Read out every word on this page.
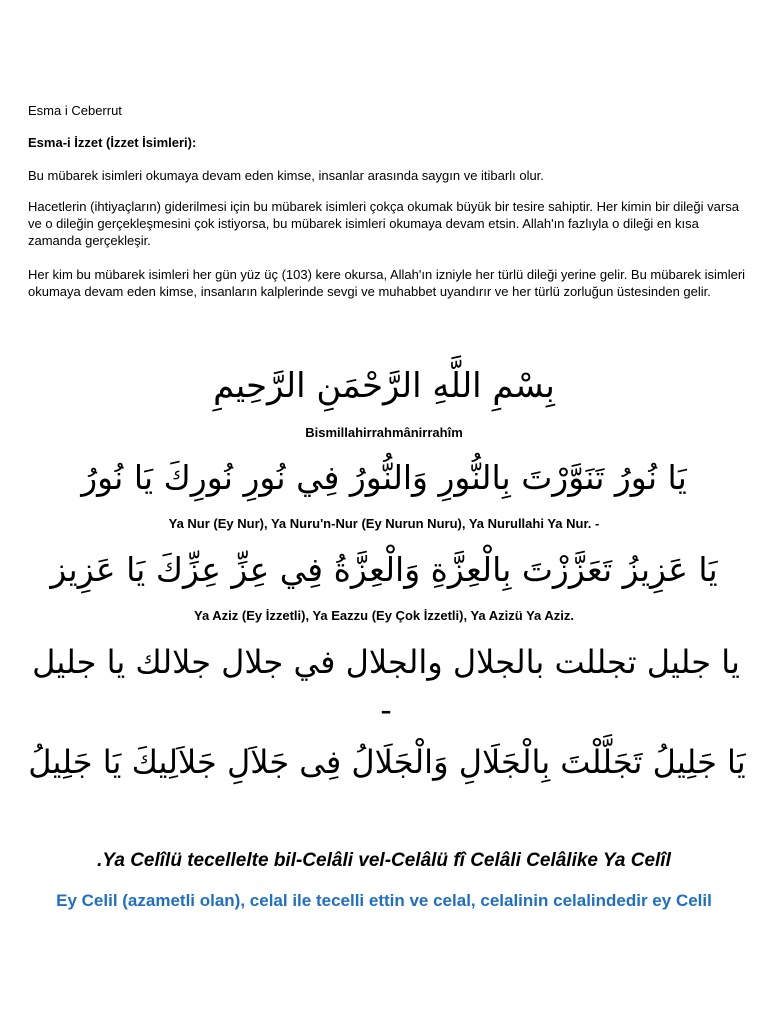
Esma i Ceberrut

Esma-i İzzet (İzzet İsimleri):

Bu mübarek isimleri okumaya devam eden kimse, insanlar arasında saygın ve itibarlı olur.

Hacetlerin (ihtiyaçların) giderilmesi için bu mübarek isimleri çokça okumak büyük bir tesire sahiptir. Her kimin bir dileği varsa ve o dileğin gerçekleşmesini çok istiyorsa, bu mübarek isimleri okumaya devam etsin. Allah'ın fazlıyla o dileği en kısa zamanda gerçekleşir.

Her kim bu mübarek isimleri her gün yüz üç (103) kere okursa, Allah'ın izniyle her türlü dileği yerine gelir. Bu mübarek isimleri okumaya devam eden kimse, insanların kalplerinde sevgi ve muhabbet uyandırır ve her türlü zorluğun üstesinden gelir.

بِسْمِ اللَّهِ الرَّحْمَنِ الرَّحِيمِ

Bismillahirrahmânirrahîm

يَا نُورُ تَنَوَّرْتَ بِالنُّورِ وَالنُّورُ فِي نُورِ نُورِكَ يَا نُورُ

Ya Nur (Ey Nur), Ya Nuru'n-Nur (Ey Nurun Nuru), Ya Nurullahi Ya Nur. -

يَا عَزِيزُ تَعَزَّزْتَ بِالْعِزَّةِ وَالْعِزَّةُ فِي عِزِّ عِزِّكَ يَا عَزِيز

Ya Aziz (Ey İzzetli), Ya Eazzu (Ey Çok İzzetli), Ya Azizü Ya Aziz.

يا جليل تجللت بالجلال والجلال في جلال جلالك يا جليل -

يَا جَلِيلُ تَجَلَّلْتَ بِالْجَلَالِ وَالْجَلَالُ فِى جَلاَلِ جَلاَلِيكَ يَا جَلِيلُ

.Ya Celîlü tecellelte bil-Celâli vel-Celâlü fî Celâli Celâlike Ya Celîl

Ey Celil (azametli olan), celal ile tecelli ettin ve celal, celalinin celalindedir ey Celil
